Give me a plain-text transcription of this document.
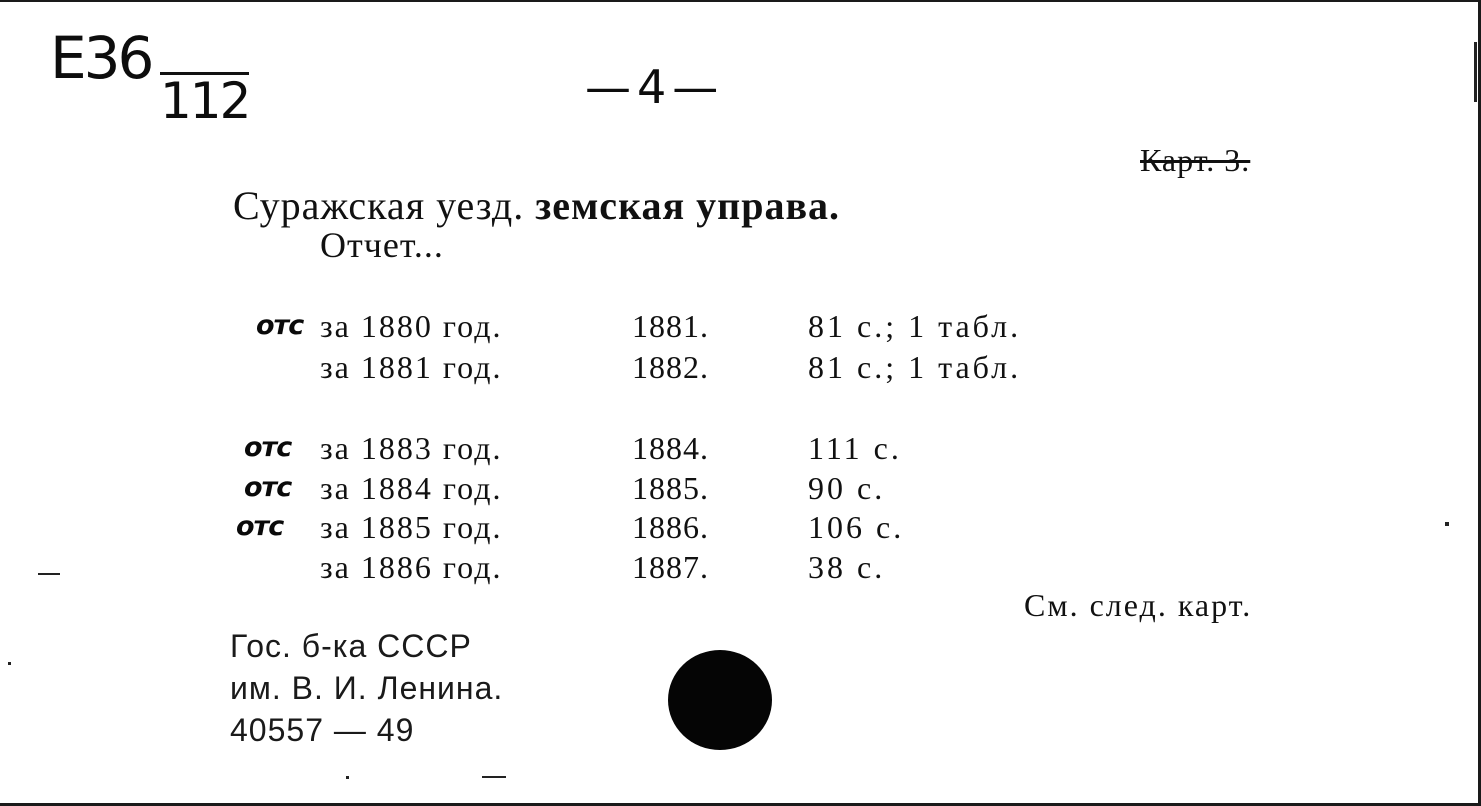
E36
112	—4—
Карт. 3.
Суражская уезд. земская управа.
Отчет...
отс за 1880 год.	1881.	81 с.; 1 табл.
за 1881 год.	1882.	81 с.; 1 табл.
отс за 1883 год.	1884.	111 с.
отс за 1884 год.	1885.	90 с.
отс за 1885 год.	1886.	106 с.
за 1886 год.	1887.	38 с.
См. след. карт.
Гос. б-ка СССР
им. В. И. Ленина.
40557 — 49
